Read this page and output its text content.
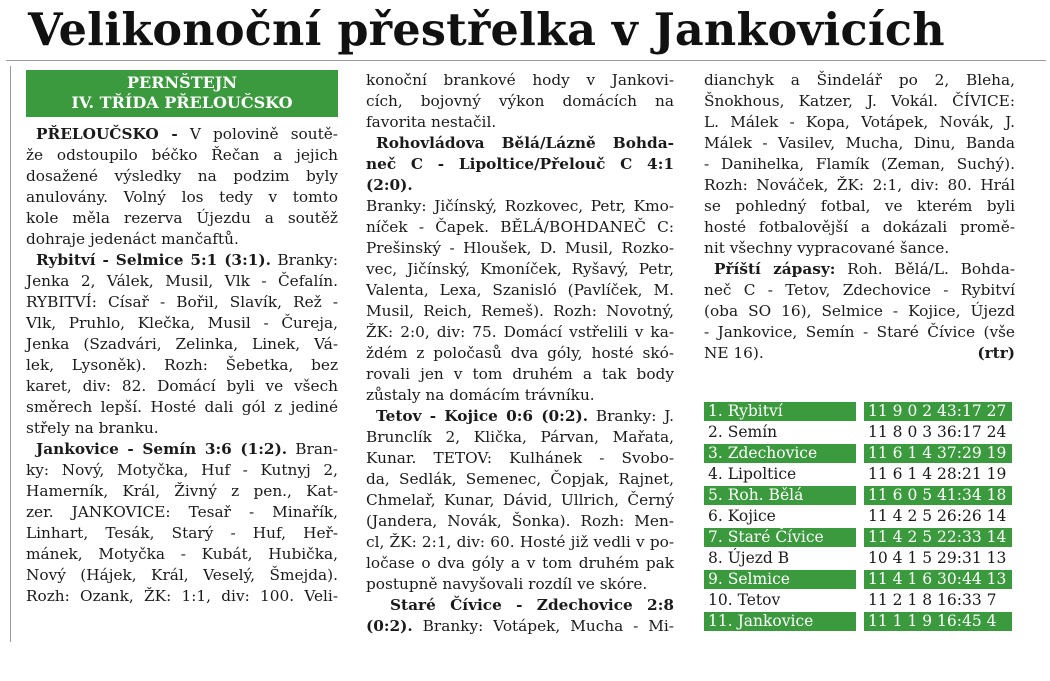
Velikonoční přestřelka v Jankovicích
PERNŠTEJN
IV. TŘÍDA PŘELOUČSKO

PŘELOUČSKO - V polovině soutě-

že odstoupilo béčko Řečan a jejich

dosažené výsledky na podzim byly

anulovány. Volný los tedy v tomto

kole měla rezerva Újezdu a soutěž

dohraje jedenáct mančaftů.

Rybitví - Selmice 5:1 (3:1). Branky:

Jenka 2, Válek, Musil, Vlk - Čefalín.

RYBITVÍ: Císař - Bořil, Slavík, Rež -

Vlk, Pruhlo, Klečka, Musil - Čureja,

Jenka (Szadvári, Zelinka, Linek, Vá-

lek, Lysoněk). Rozh: Šebetka, bez

karet, div: 82. Domácí byli ve všech

směrech lepší. Hosté dali gól z jediné

střely na branku.

Jankovice - Semín 3:6 (1:2). Bran-

ky: Nový, Motyčka, Huf - Kutnyj 2,

Hamerník, Král, Živný z pen., Kat-

zer. JANKOVICE: Tesař - Minařík,

Linhart, Tesák, Starý - Huf, Heř-

mánek, Motyčka - Kubát, Hubička,

Nový (Hájek, Král, Veselý, Šmejda).

Rozh: Ozank, ŽK: 1:1, div: 100. Veli-

konoční brankové hody v Jankovi-

cích, bojovný výkon domácích na

favorita nestačil.

Rohovládova Bělá/Lázně Bohda-

neč C - Lipoltice/Přelouč C 4:1 (2:0).

Branky: Jičínský, Rozkovec, Petr, Kmo-

níček - Čapek. BĚLÁ/BOHDANEČ C:

Prešinský - Hloušek, D. Musil, Rozko-

vec, Jičínský, Kmoníček, Ryšavý, Petr,

Valenta, Lexa, Szanisló (Pavlíček, M.

Musil, Reich, Remeš). Rozh: Novotný,

ŽK: 2:0, div: 75. Domácí vstřelili v ka-

ždém z poločasů dva góly, hosté skó-

rovali jen v tom druhém a tak body

zůstaly na domácím trávníku.

Tetov - Kojice 0:6 (0:2). Branky: J.

Brunclík 2, Klička, Párvan, Mařata,

Kunar. TETOV: Kulhánek - Svobo-

da, Sedlák, Semenec, Čopjak, Rajnet,

Chmelař, Kunar, Dávid, Ullrich, Černý

(Jandera, Novák, Šonka). Rozh: Men-

cl, ŽK: 2:1, div: 60. Hosté již vedli v po-

ločase o dva góly a v tom druhém pak

postupně navyšovali rozdíl ve skóre.

Staré Čívice - Zdechovice 2:8

(0:2). Branky: Votápek, Mucha - Mi-

dianchyk a Šindelář po 2, Bleha,

Šnokhous, Katzer, J. Vokál. ČÍVICE:

L. Málek - Kopa, Votápek, Novák, J.

Málek - Vasilev, Mucha, Dinu, Banda

- Danihelka, Flamík (Zeman, Suchý).

Rozh: Nováček, ŽK: 2:1, div: 80. Hrál

se pohledný fotbal, ve kterém byli

hosté fotbalovější a dokázali promě-

nit všechny vypracované šance.

Příští zápasy: Roh. Bělá/L. Bohda-

neč C - Tetov, Zdechovice - Rybitví

(oba SO 16), Selmice - Kojice, Újezd

- Jankovice, Semín - Staré Čívice (vše

NE 16).	(rtr)

1. Rybitví		11 9 0 2 43:17 27
2. Semín		11 8 0 3 36:17 24
3. Zdechovice		11 6 1 4 37:29 19
4. Lipoltice		11 6 1 4 28:21 19
5. Roh. Bělá		11 6 0 5 41:34 18
6. Kojice		11 4 2 5 26:26 14
7. Staré Čívice		11 4 2 5 22:33 14
8. Újezd B		10 4 1 5 29:31 13
9. Selmice		11 4 1 6 30:44 13
10. Tetov		11 2 1 8 16:33 7
11. Jankovice		11 1 1 9 16:45 4
